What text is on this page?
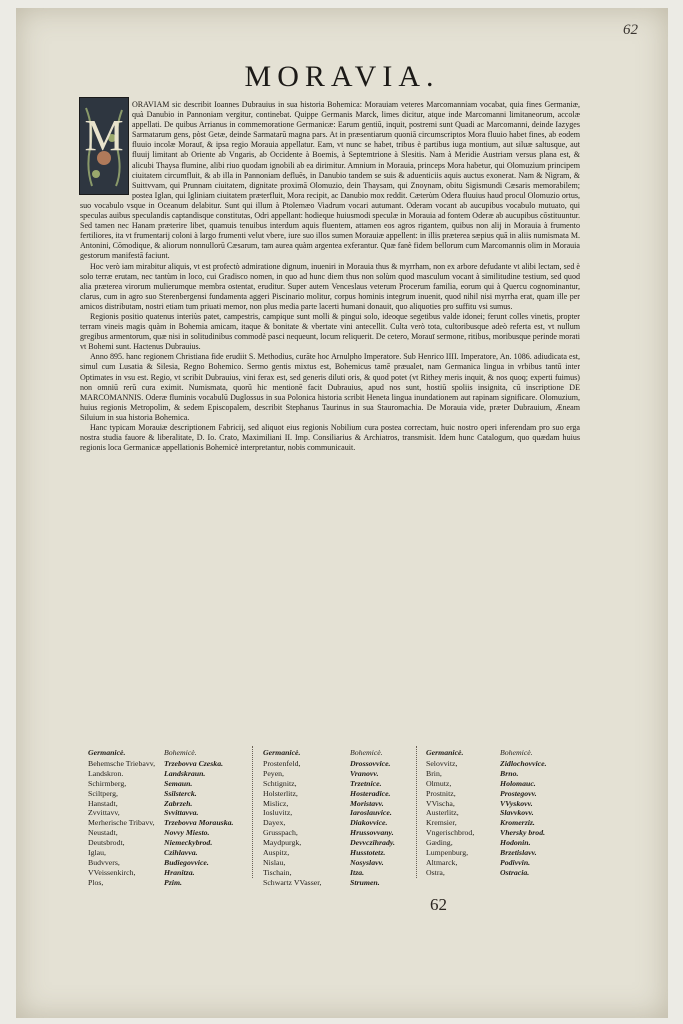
62
MORAVIA.

ORAVIAM sic describit Ioannes Dubrauius in sua historia Bohemica: Morauiam veteres Marcomanniam vocabat, quia fines Germaniæ, quà Danubio in Pannoniam vergitur, continebat. Quippe Germanis Marck, limes dicitur, atque inde Marcomanni limitaneorum, accolæ appellati. De quibus Arrianus in commemoratione Germanicæ: Earum gentiū, inquit, postremi sunt Quadi ac Marcomanni, deinde Iazyges Sarmatarum gens, pòst Getæ, deinde Sarmatarū magna pars. At in præsentiarum quoniā circumscriptos Mora fluuio habet fines, ab eodem fluuio incolæ Morauī, & ipsa regio Morauia appellatur. Eam, vt nunc se habet, tribus è partibus iuga montium, aut siluæ saltusque, aut fluuij limitant ab Oriente ab Vngaris, ab Occidente à Boemis, à Septemtrione à Slesitis. Nam à Meridie Austriam versus plana est, & alicubi Thaysa flumine, alibi riuo quodam ignobili ab ea dirimitur. Amnium in Morauia, princeps Mora habetur, qui Olomuzium principem ciuitatem circumfluit, & ab illa in Pannoniam defluēs, in Danubio tandem se suis & aduenticiis aquis auctus exonerat. Nam & Nigram, & Suittvvam, qui Prunnam ciuitatem, dignitate proximā Olomuzio, dein Thaysam, qui Znoynam, obitu Sigismundi Cæsaris memorabilem; postea Iglan, qui Igliniam ciuitatem præterfluit, Mora recipit, ac Danubio mox reddit. Cæterùm Odera fluuius haud procul Olomuzio ortus, suo vocabulo vsque in Oceanum delabitur. Sunt qui illum à Ptolemæo Viadrum vocari autumant. Oderam vocant ab aucupibus vocabulo mutuato, qui speculas auibus speculandis captandisque constitutas, Odri appellant: hodieque huiusmodi speculæ in Morauia ad fontem Oderæ ab aucupibus cōstituuntur. Sed tamen nec Hanam præterire libet, quamuis tenuibus interdum aquis fluentem, attamen eos agros rigantem, quibus non alij in Morauia à frumento fertiliores, ita vt frumentarij coloni à largo frumenti velut vbere, iure suo illos sumen Morauiæ appellent: in illis præterea sæpius quā in aliis numismata M. Antonini, Cōmodique, & aliorum nonnullorū Cæsarum, tam aurea quàm argentea exferantur. Quæ fanè fidem bellorum cum Marcomannis olim in Morauia gestorum manifestā faciunt.

Hoc verò iam mirabitur aliquis, vt est profectò admiratione dignum, inueniri in Morauia thus & myrrham, non ex arbore defudante vt alibi lectam, sed è solo terræ erutam, nec tantùm in loco, cui Gradisco nomen, in quo ad hunc diem thus non solùm quod masculum vocant à similitudine testium, sed quod alia præterea virorum mulierumque membra ostentat, eruditur. Super autem Venceslaus veterum Procerum familia, eorum qui à Quercu cognominantur, clarus, cum in agro suo Sterenbergensi fundamenta aggeri Piscinario molitur, corpus hominis integrum inuenit, quod nihil nisi myrrha erat, quam ille per amicos distributam, nostri etiam tum priuati memor, non plus media parte lacerti humani donauit, quo aliquoties pro suffitu vsi sumus.

Regionis positio quatenus interiùs patet, campestris, campique sunt molli & pingui solo, ideoque segetibus valde idonei; ferunt colles vinetis, propter terram vineis magis quàm in Bohemia amicam, itaque & bonitate & vbertate vini antecellit. Culta verò tota, cultoribusque adeò referta est, vt nullum gregibus armentorum, quæ nisi in solitudinibus commodè pasci nequeunt, locum reliquerit. De cetero, Morauī sermone, ritibus, moribusque perinde morati vt Bohemi sunt. Hactenus Dubrauius.

Anno 895. hanc regionem Christiana fide erudiit S. Methodius, curāte hoc Arnulpho Imperatore. Sub Henrico IIII. Imperatore, An. 1086. adiudicata est, simul cum Lusatia & Silesia, Regno Bohemico. Sermo gentis mixtus est, Bohemicus tamē præualet, nam Germanica lingua in vrbibus tantū inter Optimates in vsu est. Regio, vt scribit Dubrauius, vini ferax est, sed generis diluti oris, & quod potet (vt Rithey meris inquit, & nos quoq; experti fuimus) non omniū rerū cura eximit. Numismata, quorū hic mentionē facit Dubrauius, apud nos sunt, hostiū spoliis insignita, cū inscriptione DE MARCOMANNIS. Oderæ fluminis vocabulū Duglossus in sua Polonica historia scribit Heneta lingua inundationem aut rapinam significare. Olomuzium, huius regionis Metropolim, & sedem Episcopalem, describit Stephanus Taurinus in sua Stauromachia. De Morauia vide, præter Dubrauium, Æneam Siluium in sua historia Bohemica.

Hanc typicam Morauiæ descriptionem Fabricij, sed aliquot eius regionis Nobilium cura postea correctam, huic nostro operi inferendam pro suo erga nostra studia fauore & liberalitate, D. Io. Crato, Maximiliani II. Imp. Consiliarius & Archiatros, transmisit. Idem hunc Catalogum, quo quædam huius regionis loca Germanicæ appellationis Bohemicè interpretantur, nobis communicauit.

M
Germanicè.
Behemsche Triebavv,
Landskron.
Schirmberg,
Sciltperg,
Hanstadt,
Zvvittavv,
Merherische Tribavv,
Neustadt,
Deutsbrodt,
Iglau,
Budvvers,
VVeissenkirch,
Plos,
Bohemicè.
Trzebovva Czeska.
Landskraun.
Semaun.
Ssilsterck.
Zabrzeh.
Svvittavva.
Trzebovva Morauska.
Novvy Miesto.
Niemeckybrod.
Czihlavva.
Budiegovvice.
Hranitza.
Pzim.
Germanicè.
Prostenfeld,
Peyen,
Schtignitz,
Holsterlitz,
Mislicz,
Iosluvitz,
Dayex,
Grusspach,
Maydpurgk,
Auspitz,
Nislau,
Tischain,
Schwartz VVasser,
Bohemicè.
Drossovvice.
Vranovv.
Trzetnice.
Hosteradice.
Moristavv.
Iaroslauvice.
Diakovvice.
Hrussovvany.
Devvczihrady.
Husstotetz.
Nosyslavv.
Itza.
Strumen.
Germanicè.
Selovvitz,
Brin,
Olmutz,
Prostnitz,
VVischa,
Austerlitz,
Kremsier,
Vngerischbrod,
Gæding,
Lumpenburg,
Altmarck,
Ostra,
Bohemicè.
Zidlochovvice.
Brno.
Holomauc.
Prostegovv.
VVyskovv.
Slavvkovv.
Kromerziz.
Vhersky brod.
Hodonin.
Brzetislavv.
Podivvin.
Ostracia.
62
